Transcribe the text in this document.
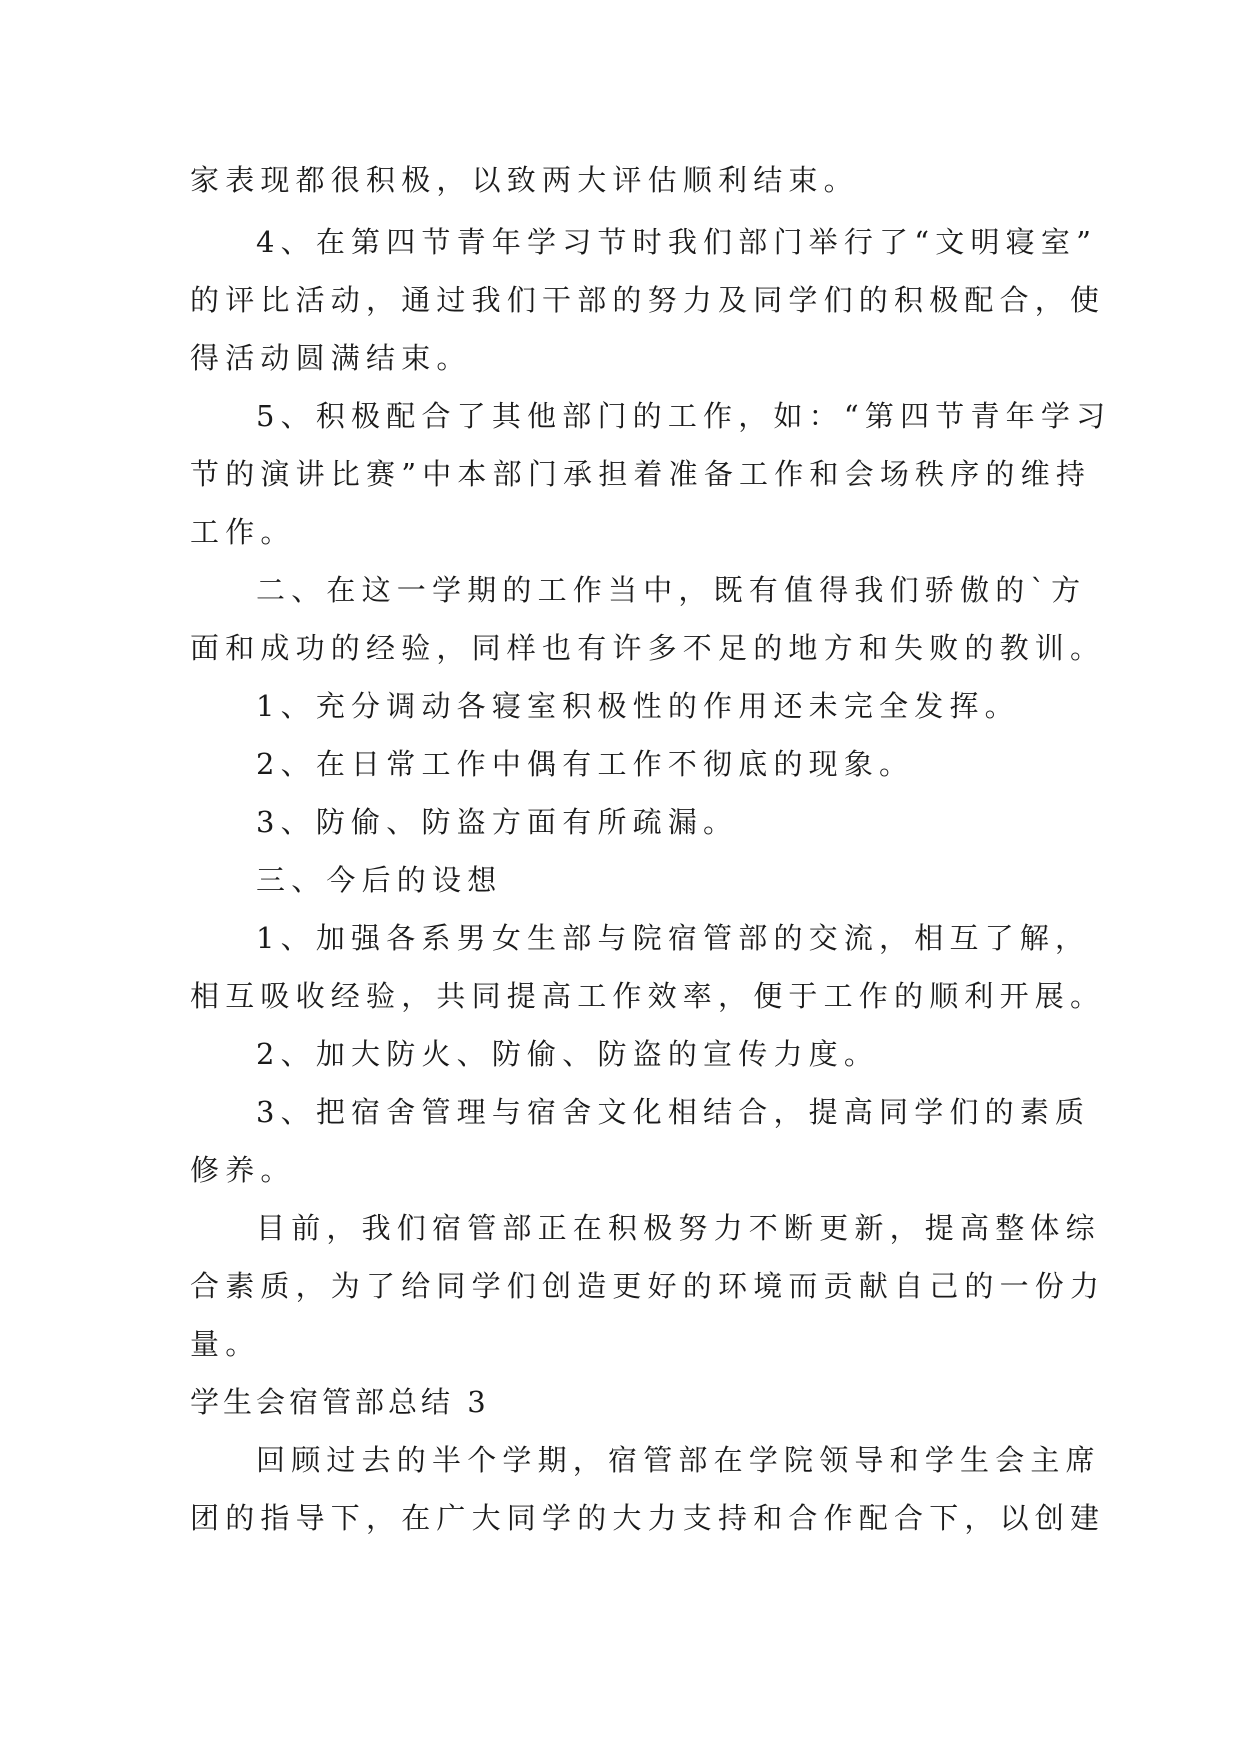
家表现都很积极，以致两大评估顺利结束。
4、在第四节青年学习节时我们部门举行了“文明寝室”
的评比活动，通过我们干部的努力及同学们的积极配合，使
得活动圆满结束。
5、积极配合了其他部门的工作，如：“第四节青年学习
节的演讲比赛”中本部门承担着准备工作和会场秩序的维持
工作。
二、在这一学期的工作当中，既有值得我们骄傲的`方
面和成功的经验，同样也有许多不足的地方和失败的教训。
1、充分调动各寝室积极性的作用还未完全发挥。
2、在日常工作中偶有工作不彻底的现象。
3、防偷、防盗方面有所疏漏。
三、今后的设想
1、加强各系男女生部与院宿管部的交流，相互了解，
相互吸收经验，共同提高工作效率，便于工作的顺利开展。
2、加大防火、防偷、防盗的宣传力度。
3、把宿舍管理与宿舍文化相结合，提高同学们的素质
修养。
目前，我们宿管部正在积极努力不断更新，提高整体综
合素质，为了给同学们创造更好的环境而贡献自己的一份力
量。
学生会宿管部总结 3
回顾过去的半个学期，宿管部在学院领导和学生会主席
团的指导下，在广大同学的大力支持和合作配合下，以创建
